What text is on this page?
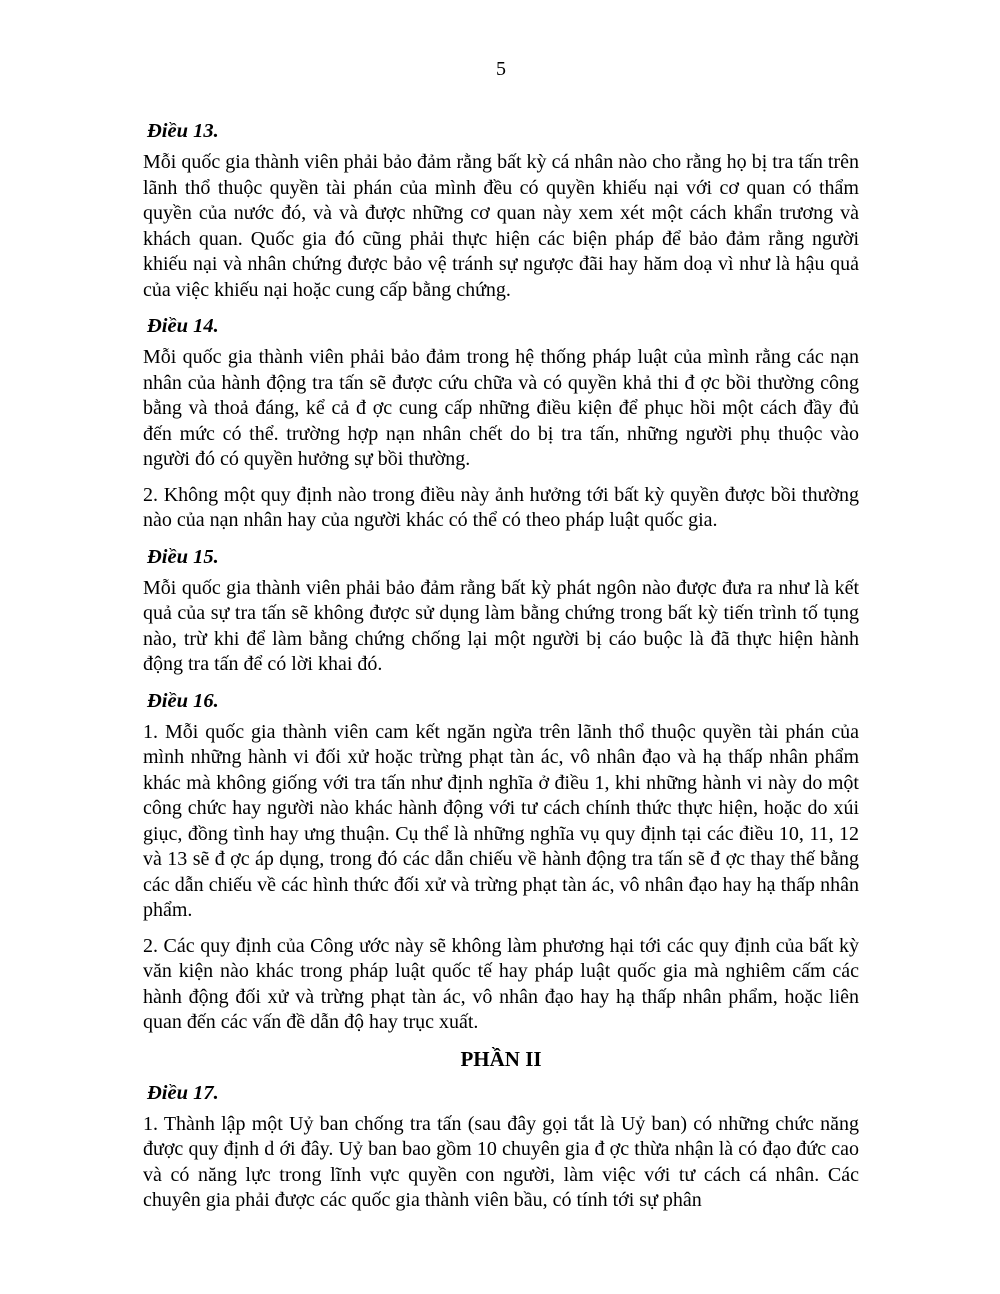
5
Điều 13.

Mỗi quốc gia thành viên phải bảo đảm rằng bất kỳ cá nhân nào cho rằng họ bị tra tấn trên lãnh thổ thuộc quyền tài phán của mình đều có quyền khiếu nại với cơ quan có thẩm quyền của nước đó, và và được những cơ quan này xem xét một cách khẩn trương và khách quan. Quốc gia đó cũng phải thực hiện các biện pháp để bảo đảm rằng người khiếu nại và nhân chứng được bảo vệ tránh sự ngược đãi hay hăm doạ vì như là hậu quả của việc khiếu nại hoặc cung cấp bằng chứng.

Điều 14.

Mỗi quốc gia thành viên phải bảo đảm trong hệ thống pháp luật của mình rằng các nạn nhân của hành động tra tấn sẽ được cứu chữa và có quyền khả thi đ ợc bồi thường công bằng và thoả đáng, kể cả đ ợc cung cấp những điều kiện để phục hồi một cách đầy đủ đến mức có thể. trường hợp nạn nhân chết do bị tra tấn, những người phụ thuộc vào người đó có quyền hưởng sự bồi thường.

2. Không một quy định nào trong điều này ảnh hưởng tới bất kỳ quyền được bồi thường nào của nạn nhân hay của người khác có thể có theo pháp luật quốc gia.

Điều 15.

Mỗi quốc gia thành viên phải bảo đảm rằng bất kỳ phát ngôn nào được đưa ra như là kết quả của sự tra tấn sẽ không được sử dụng làm bằng chứng trong bất kỳ tiến trình tố tụng nào, trừ khi để làm bằng chứng chống lại một người bị cáo buộc là đã thực hiện hành động tra tấn để có lời khai đó.

Điều 16.

1. Mỗi quốc gia thành viên cam kết ngăn ngừa trên lãnh thổ thuộc quyền tài phán của mình những hành vi đối xử hoặc trừng phạt tàn ác, vô nhân đạo và hạ thấp nhân phẩm khác mà không giống với tra tấn như định nghĩa ở điều 1, khi những hành vi này do một công chức hay người nào khác hành động với tư cách chính thức thực hiện, hoặc do xúi giục, đồng tình hay ưng thuận. Cụ thể là những nghĩa vụ quy định tại các điều 10, 11, 12 và 13 sẽ đ ợc áp dụng, trong đó các dẫn chiếu về hành động tra tấn sẽ đ ợc thay thế bằng các dẫn chiếu về các hình thức đối xử và trừng phạt tàn ác, vô nhân đạo hay hạ thấp nhân phẩm.

2. Các quy định của Công ước này sẽ không làm phương hại tới các quy định của bất kỳ văn kiện nào khác trong pháp luật quốc tế hay pháp luật quốc gia mà nghiêm cấm các hành động đối xử và trừng phạt tàn ác, vô nhân đạo hay hạ thấp nhân phẩm, hoặc liên quan đến các vấn đề dẫn độ hay trục xuất.

PHẦN II
Điều 17.

1. Thành lập một Uỷ ban chống tra tấn (sau đây gọi tắt là Uỷ ban) có những chức năng được quy định d ới đây. Uỷ ban bao gồm 10 chuyên gia đ ợc thừa nhận là có đạo đức cao và có năng lực trong lĩnh vực quyền con người, làm việc với tư cách cá nhân. Các chuyên gia phải được các quốc gia thành viên bầu, có tính tới sự phân
